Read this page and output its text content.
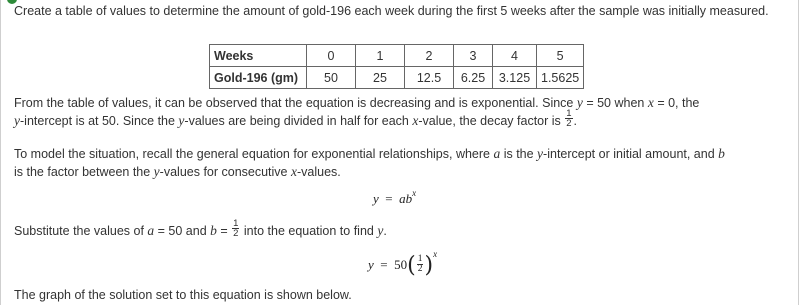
Create a table of values to determine the amount of gold-196 each week during the first 5 weeks after the sample was initially measured.

Weeks	0	1	2	3	4	5
Gold-196 (gm)	50	25	12.5	6.25	3.125	1.5625

From the table of values, it can be observed that the equation is decreasing and is exponential. Since y = 50 when x = 0, the
y-intercept is at 50. Since the y-values are being divided in half for each x-value, the decay factor is $\frac{1}{2}$ .

To model the situation, recall the general equation for exponential relationships, where a is the y-intercept or initial amount, and b
is the factor between the y-values for consecutive x-values.

$y = ab^x$

Substitute the values of a = 50 and $b = \frac{1}{2}$ into the equation to find y.

$y = 50( \frac{1}{2} )^x$

The graph of the solution set to this equation is shown below.
